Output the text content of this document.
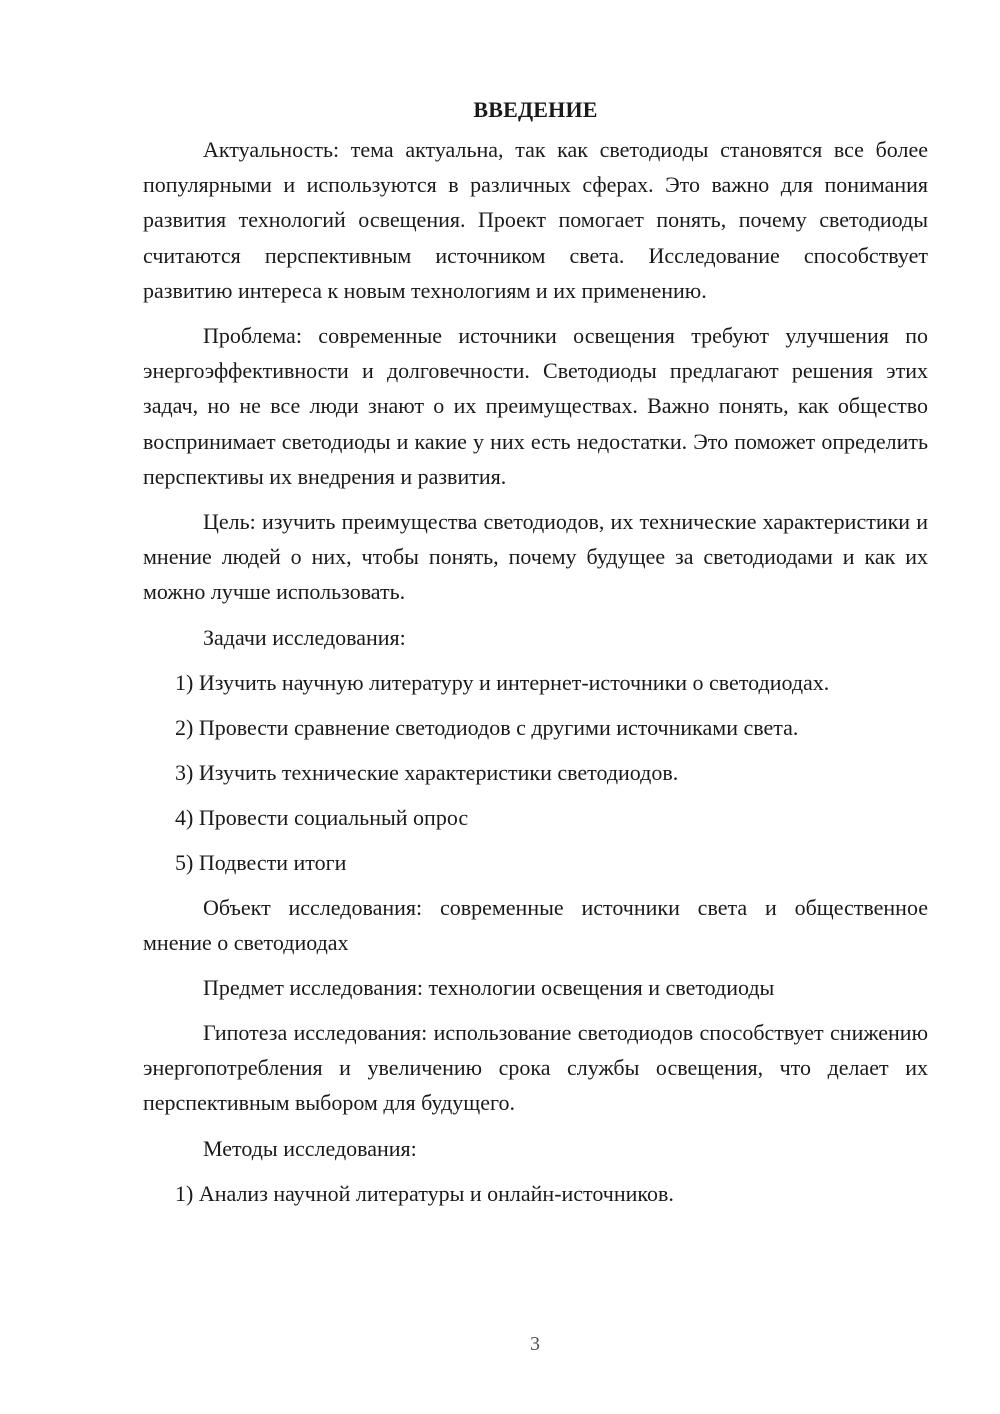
ВВЕДЕНИЕ

Актуальность: тема актуальна, так как светодиоды становятся все более популярными и используются в различных сферах. Это важно для понимания развития технологий освещения. Проект помогает понять, почему светодиоды считаются перспективным источником света. Исследование способствует развитию интереса к новым технологиям и их применению.

Проблема: современные источники освещения требуют улучшения по энергоэффективности и долговечности. Светодиоды предлагают решения этих задач, но не все люди знают о их преимуществах. Важно понять, как общество воспринимает светодиоды и какие у них есть недостатки. Это поможет определить перспективы их внедрения и развития.

Цель: изучить преимущества светодиодов, их технические характеристики и мнение людей о них, чтобы понять, почему будущее за светодиодами и как их можно лучше использовать.

Задачи исследования:

1) Изучить научную литературу и интернет-источники о светодиодах.

2) Провести сравнение светодиодов с другими источниками света.

3) Изучить технические характеристики светодиодов.

4) Провести социальный опрос

5) Подвести итоги

Объект исследования: современные источники света и общественное мнение о светодиодах

Предмет исследования: технологии освещения и светодиоды

Гипотеза исследования: использование светодиодов способствует снижению энергопотребления и увеличению срока службы освещения, что делает их перспективным выбором для будущего.

Методы исследования:

1) Анализ научной литературы и онлайн-источников.

3
